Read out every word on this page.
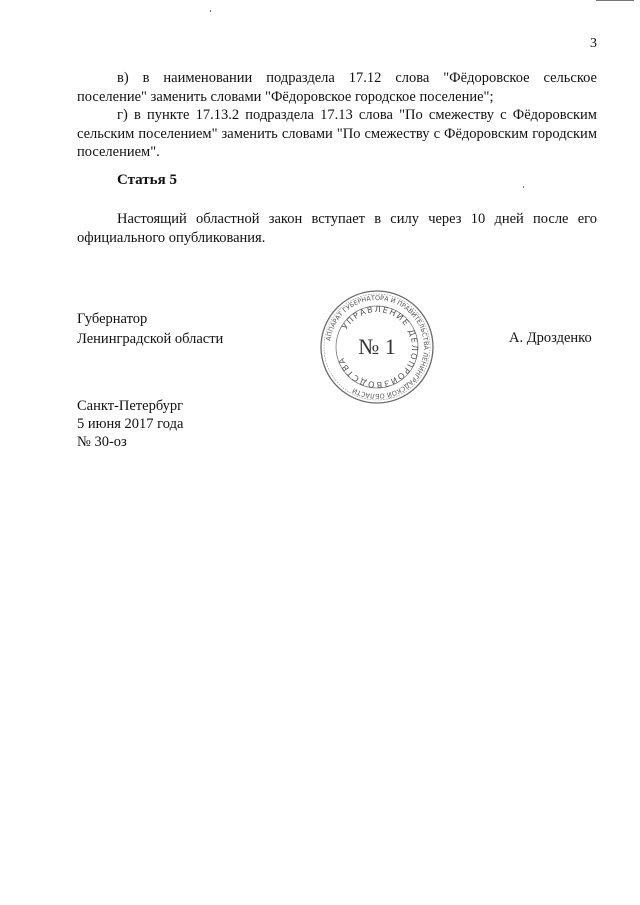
3

в) в наименовании подраздела 17.12 слова "Фёдоровское сельское поселение" заменить словами "Фёдоровское городское поселение";

г) в пункте 17.13.2 подраздела 17.13 слова "По смежеству с Фёдоровским сельским поселением" заменить словами "По смежеству с Фёдоровским городским поселением".

Статья 5

Настоящий областной закон вступает в силу через 10 дней после его официального опубликования.

Губернатор
Ленинградской области	АППАРАТ ГУБЕРНАТОРА И ПРАВИТЕЛЬСТВА ЛЕНИНГРАДСКОЙ ОБЛАСТИ
УПРАВЛЕНИЕ ДЕЛОПРОИЗВОДСТВА
№ 1	А. Дрозденко
Санкт-Петербург
5 июня 2017 года
№ 30-оз
